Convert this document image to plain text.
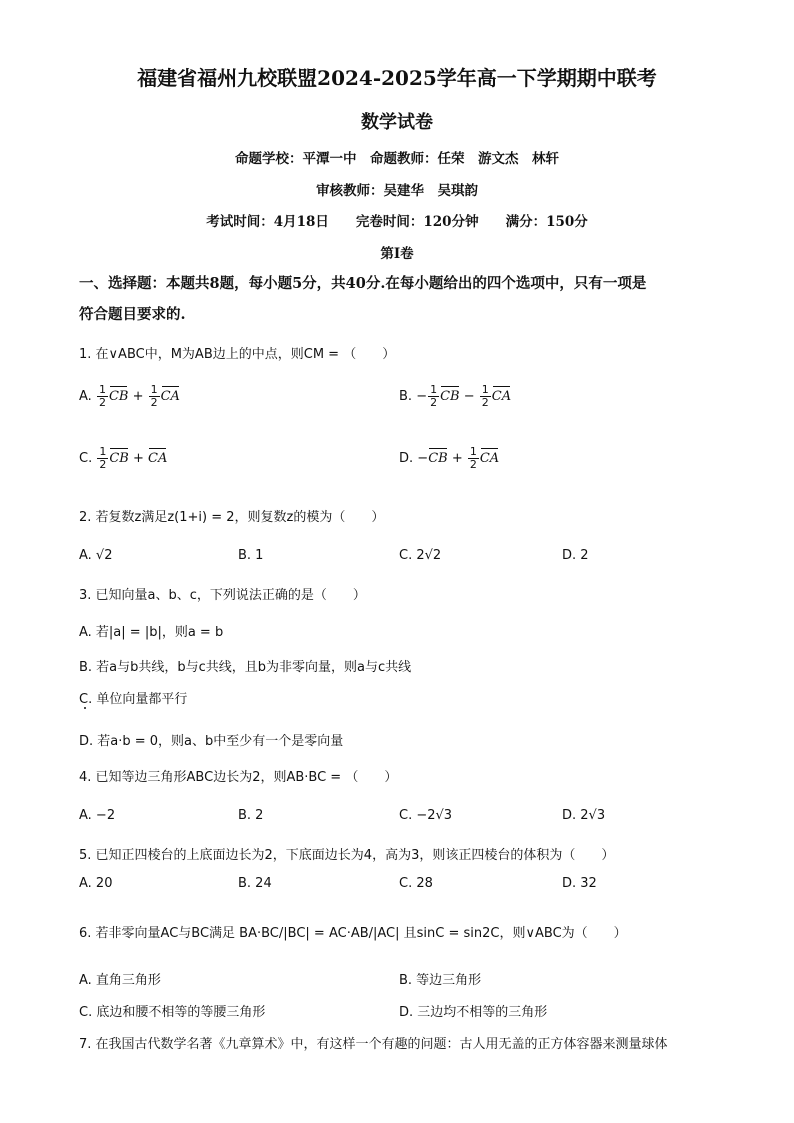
福建省福州九校联盟2024-2025学年高一下学期期中联考
数学试卷
命题学校：平潭一中　命题教师：任荣　游文杰　林轩
审核教师：吴建华　吴琪韵
考试时间：4月18日　　完卷时间：120分钟　　满分：150分
第I卷
一、选择题：本题共8题，每小题5分，共40分.在每小题给出的四个选项中，只有一项是
符合题目要求的.
1. 在∨ABC中，M为AB边上的中点，则CM = （　　）
A. $\frac{1}{2}$ CB + $\frac{1}{2}$ CA	B. − $\frac{1}{2}$ CB − $\frac{1}{2}$ CA
C. $\frac{1}{2}$ CB + CA	D. $-CB + \frac{1}{2}$ CA
2. 若复数z满足z(1+i) = 2，则复数z的模为（　　）
A. √2	B. 1	C. 2√2	D. 2
3. 已知向量a、b、c，下列说法正确的是（　　）
A. 若|a| = |b|，则a = b
B. 若a与b共线，b与c共线，且b为非零向量，则a与c共线
C. 单位向量都平行
D. 若a·b = 0，则a、b中至少有一个是零向量
4. 已知等边三角形ABC边长为2，则AB·BC = （　　）
A. −2	B. 2	C. −2√3	D. 2√3
5. 已知正四棱台的上底面边长为2，下底面边长为4，高为3，则该正四棱台的体积为（　　）
A. 20	B. 24	C. 28	D. 32
6. 若非零向量AC与BC满足 BA·BC/|BC| = AC·AB/|AC| 且sinC = sin2C，则∨ABC为（　　）
A. 直角三角形	B. 等边三角形
C. 底边和腰不相等的等腰三角形	D. 三边均不相等的三角形
7. 在我国古代数学名著《九章算术》中，有这样一个有趣的问题：古人用无盖的正方体容器来测量球体
